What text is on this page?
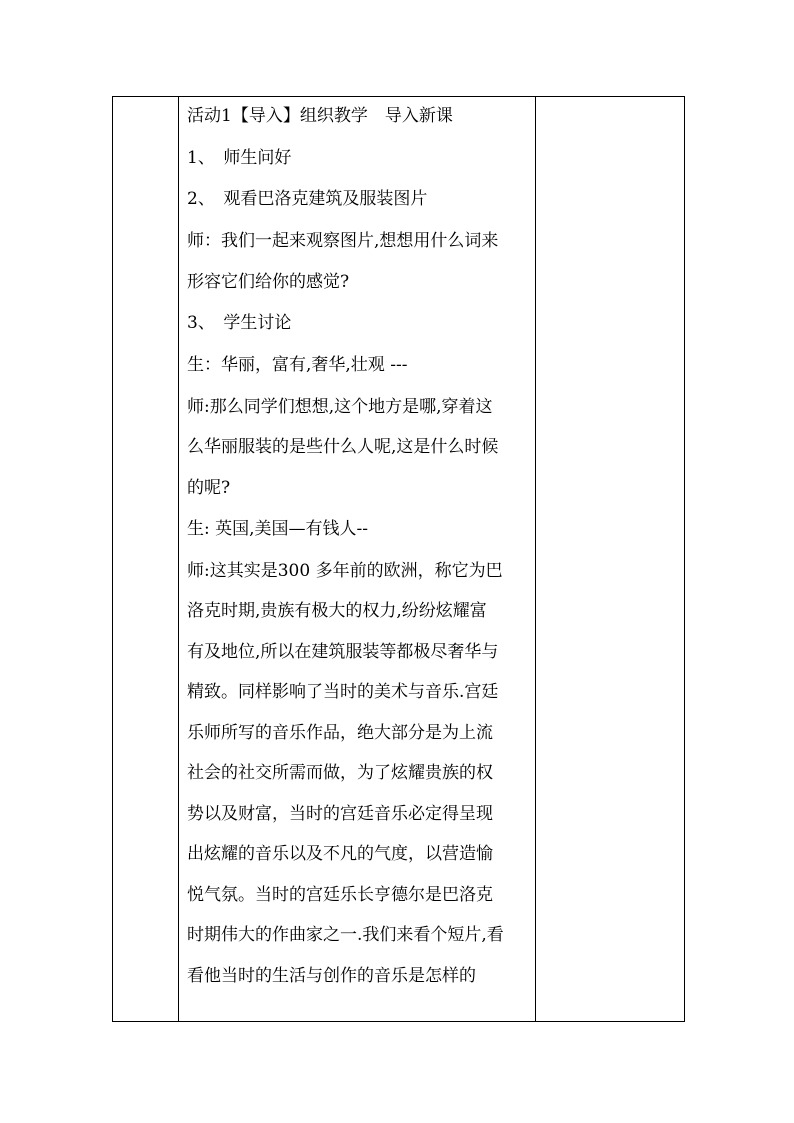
活动1【导入】组织教学　导入新课
1、　师生问好
2、　观看巴洛克建筑及服装图片
师：我们一起来观察图片,想想用什么词来
形容它们给你的感觉?
3、　学生讨论
生：华丽，富有,奢华,壮观 ---
师:那么同学们想想,这个地方是哪,穿着这
么华丽服装的是些什么人呢,这是什么时候
的呢?
生: 英国,美国—有钱人--
师:这其实是300 多年前的欧洲，称它为巴
洛克时期,贵族有极大的权力,纷纷炫耀富
有及地位,所以在建筑服装等都极尽奢华与
精致。同样影响了当时的美术与音乐.宫廷
乐师所写的音乐作品，绝大部分是为上流
社会的社交所需而做，为了炫耀贵族的权
势以及财富，当时的宫廷音乐必定得呈现
出炫耀的音乐以及不凡的气度，以营造愉
悦气氛。当时的宫廷乐长亨德尔是巴洛克
时期伟大的作曲家之一.我们来看个短片,看
看他当时的生活与创作的音乐是怎样的
